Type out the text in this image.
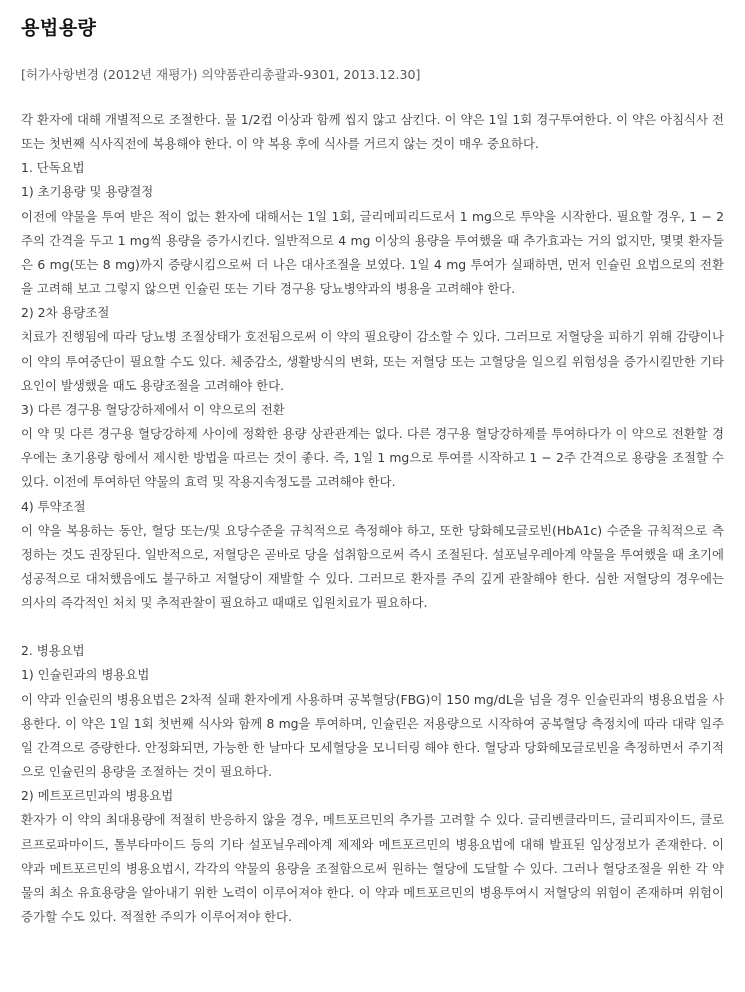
용법용량

[허가사항변경 (2012년 재평가) 의약품관리총괄과-9301, 2013.12.30]

각 환자에 대해 개별적으로 조절한다. 물 1/2컵 이상과 함께 씹지 않고 삼킨다. 이 약은 1일 1회 경구투여한다. 이 약은 아침식사 전 또는 첫번째 식사직전에 복용해야 한다. 이 약 복용 후에 식사를 거르지 않는 것이 매우 중요하다.

1. 단독요법

1) 초기용량 및 용량결정

이전에 약물을 투여 받은 적이 없는 환자에 대해서는 1일 1회, 글리메피리드로서 1 mg으로 투약을 시작한다. 필요할 경우, 1 − 2주의 간격을 두고 1 mg씩 용량을 증가시킨다. 일반적으로 4 mg 이상의 용량을 투여했을 때 추가효과는 거의 없지만, 몇몇 환자들은 6 mg(또는 8 mg)까지 증량시킴으로써 더 나은 대사조절을 보였다. 1일 4 mg 투여가 실패하면, 먼저 인슐린 요법으로의 전환을 고려해 보고 그렇지 않으면 인슐린 또는 기타 경구용 당뇨병약과의 병용을 고려해야 한다.

2) 2차 용량조절

치료가 진행됨에 따라 당뇨병 조절상태가 호전됨으로써 이 약의 필요량이 감소할 수 있다. 그러므로 저혈당을 피하기 위해 감량이나 이 약의 투여중단이 필요할 수도 있다. 체중감소, 생활방식의 변화, 또는 저혈당 또는 고혈당을 일으킬 위험성을 증가시킬만한 기타요인이 발생했을 때도 용량조절을 고려해야 한다.

3) 다른 경구용 혈당강하제에서 이 약으로의 전환

이 약 및 다른 경구용 혈당강하제 사이에 정확한 용량 상관관계는 없다. 다른 경구용 혈당강하제를 투여하다가 이 약으로 전환할 경우에는 초기용량 항에서 제시한 방법을 따르는 것이 좋다. 즉, 1일 1 mg으로 투여를 시작하고 1 − 2주 간격으로 용량을 조절할 수 있다. 이전에 투여하던 약물의 효력 및 작용지속정도를 고려해야 한다.

4) 투약조절

이 약을 복용하는 동안, 혈당 또는/및 요당수준을 규칙적으로 측정해야 하고, 또한 당화헤모글로빈(HbA1c) 수준을 규칙적으로 측정하는 것도 권장된다. 일반적으로, 저혈당은 곧바로 당을 섭취함으로써 즉시 조절된다. 설포닐우레아계 약물을 투여했을 때 초기에 성공적으로 대처했음에도 불구하고 저혈당이 재발할 수 있다. 그러므로 환자를 주의 깊게 관찰해야 한다. 심한 저혈당의 경우에는 의사의 즉각적인 처치 및 추적관찰이 필요하고 때때로 입원치료가 필요하다.

2. 병용요법

1) 인슐린과의 병용요법

이 약과 인슐린의 병용요법은 2차적 실패 환자에게 사용하며 공복혈당(FBG)이 150 mg/dL을 넘을 경우 인슐린과의 병용요법을 사용한다. 이 약은 1일 1회 첫번째 식사와 함께 8 mg을 투여하며, 인슐린은 저용량으로 시작하여 공복혈당 측정치에 따라 대략 일주일 간격으로 증량한다. 안정화되면, 가능한 한 날마다 모세혈당을 모니터링 해야 한다. 혈당과 당화헤모글로빈을 측정하면서 주기적으로 인슐린의 용량을 조절하는 것이 필요하다.

2) 메트포르민과의 병용요법

환자가 이 약의 최대용량에 적절히 반응하지 않을 경우, 메트포르민의 추가를 고려할 수 있다. 글리벤클라미드, 글리피자이드, 클로르프로파마이드, 톨부타마이드 등의 기타 설포닐우레아계 제제와 메트포르민의 병용요법에 대해 발표된 임상정보가 존재한다. 이 약과 메트포르민의 병용요법시, 각각의 약물의 용량을 조절함으로써 원하는 혈당에 도달할 수 있다. 그러나 혈당조절을 위한 각 약물의 최소 유효용량을 알아내기 위한 노력이 이루어져야 한다. 이 약과 메트포르민의 병용투여시 저혈당의 위험이 존재하며 위험이 증가할 수도 있다. 적절한 주의가 이루어져야 한다.
